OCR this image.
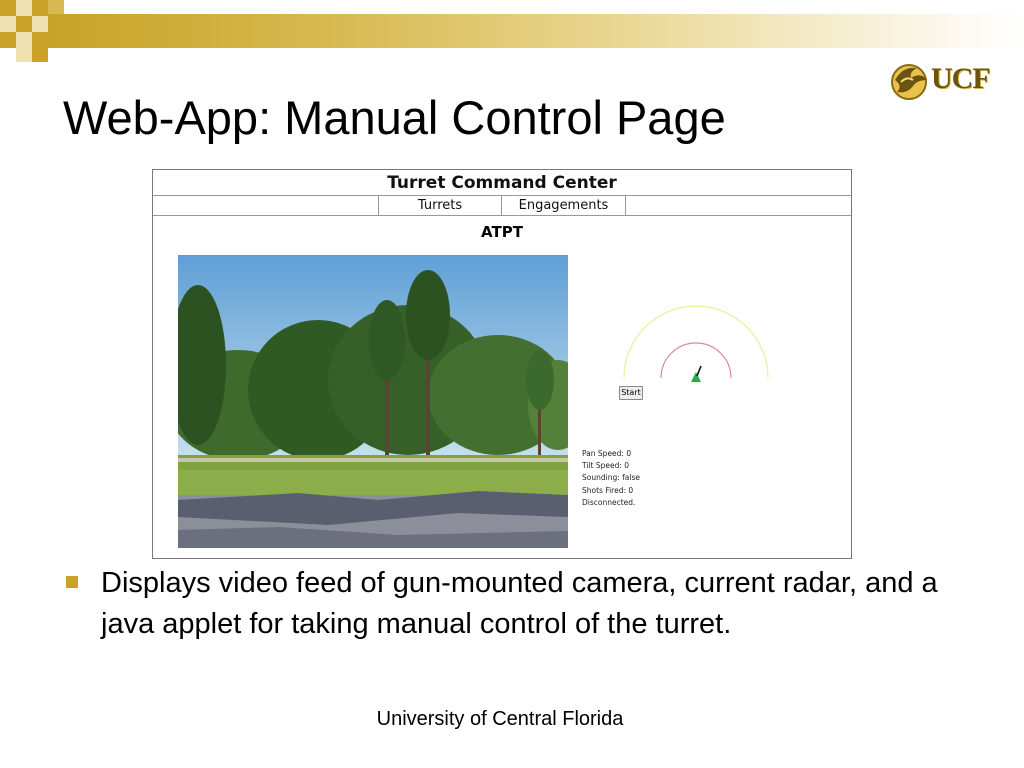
UCF
Web-App: Manual Control Page
Turret Command Center
Turrets	Engagements
ATPT
Start
Pan Speed: 0
Tilt Speed: 0
Sounding: false
Shots Fired: 0
Disconnected.
Displays video feed of gun-mounted camera, current radar, and a java applet for taking manual control of the turret.
University of Central Florida
